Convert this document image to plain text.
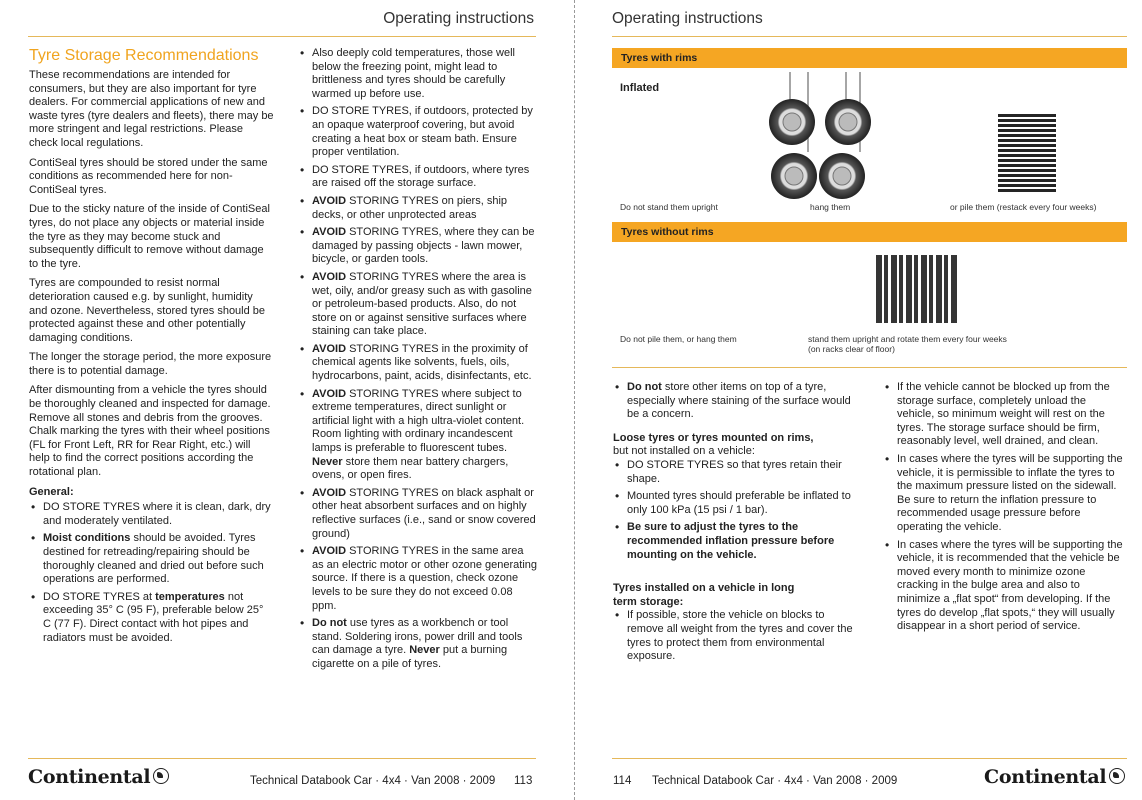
Operating instructions
Tyre Storage Recommendations

These recommendations are intended for consumers, but they are also important for tyre dealers. For commercial applications of new and waste tyres (tyre dealers and fleets), there may be more stringent and legal restrictions. Please check local regulations.

ContiSeal tyres should be stored under the same conditions as recommended here for non-ContiSeal tyres.

Due to the sticky nature of the inside of ContiSeal tyres, do not place any objects or material inside the tyre as they may become stuck and subsequently difficult to remove without damage to the tyre.

Tyres are compounded to resist normal deterioration caused e.g. by sunlight, humidity and ozone. Nevertheless, stored tyres should be protected against these and other potentially damaging conditions.

The longer the storage period, the more exposure there is to potential damage.

After dismounting from a vehicle the tyres should be thoroughly cleaned and inspected for damage. Remove all stones and debris from the grooves. Chalk marking the tyres with their wheel positions (FL for Front Left, RR for Rear Right, etc.) will help to find the correct positions according the rotational plan.

General:
• DO STORE TYRES where it is clean, dark, dry and moderately ventilated.
• Moist conditions should be avoided. Tyres destined for retreading/repairing should be thoroughly cleaned and dried out before such operations are performed.
• DO STORE TYRES at temperatures not exceeding 35° C (95 F), preferable below 25° C (77 F). Direct contact with hot pipes and radiators must be avoided.
• Also deeply cold temperatures, those well below the freezing point, might lead to brittleness and tyres should be carefully warmed up before use.
• DO STORE TYRES, if outdoors, protected by an opaque waterproof covering, but avoid creating a heat box or steam bath. Ensure proper ventilation.
• DO STORE TYRES, if outdoors, where tyres are raised off the storage surface.
• AVOID STORING TYRES on piers, ship decks, or other unprotected areas
• AVOID STORING TYRES, where they can be damaged by passing objects - lawn mower, bicycle, or garden tools.
• AVOID STORING TYRES where the area is wet, oily, and/or greasy such as with gasoline or petroleum-based products. Also, do not store on or against sensitive surfaces where staining can take place.
• AVOID STORING TYRES in the proximity of chemical agents like solvents, fuels, oils, hydrocarbons, paint, acids, disinfectants, etc.
• AVOID STORING TYRES where subject to extreme temperatures, direct sunlight or artificial light with a high ultra-violet content. Room lighting with ordinary incandescent lamps is preferable to fluorescent tubes.
Never store them near battery chargers, ovens, or open fires.
• AVOID STORING TYRES on black asphalt or other heat absorbent surfaces and on highly reflective surfaces (i.e., sand or snow covered ground)
• AVOID STORING TYRES in the same area as an electric motor or other ozone generating source. If there is a question, check ozone levels to be sure they do not exceed 0.08 ppm.
• Do not use tyres as a workbench or tool stand. Soldering irons, power drill and tools can damage a tyre. Never put a burning cigarette on a pile of tyres.
Continental	Technical Databook Car · 4x4 · Van 2008 · 2009 113
Operating instructions
Tyres with rims
Inflated
Do not stand them upright	hang them	or pile them (restack every four weeks)
Tyres without rims
Do not pile them, or hang them	stand them upright and rotate them every four weeks
(on racks clear of floor)
• Do not store other items on top of a tyre, especially where staining of the surface would be a concern.
Loose tyres or tyres mounted on rims,
but not installed on a vehicle:
• DO STORE TYRES so that tyres retain their shape.
• Mounted tyres should preferable be inflated to only 100 kPa (15 psi / 1 bar).
• Be sure to adjust the tyres to the recommended inflation pressure before mounting on the vehicle.
Tyres installed on a vehicle in long term storage:
• If possible, store the vehicle on blocks to remove all weight from the tyres and cover the tyres to protect them from environmental exposure.
• If the vehicle cannot be blocked up from the storage surface, completely unload the vehicle, so minimum weight will rest on the tyres. The storage surface should be firm, reasonably level, well drained, and clean.
• In cases where the tyres will be supporting the vehicle, it is permissible to inflate the tyres to the maximum pressure listed on the sidewall. Be sure to return the inflation pressure to recommended usage pressure before operating the vehicle.
• In cases where the tyres will be supporting the vehicle, it is recommended that the vehicle be moved every month to minimize ozone cracking in the bulge area and also to minimize a „flat spot“ from developing. If the tyres do develop „flat spots,“ they will usually disappear in a short period of service.
114 Technical Databook Car · 4x4 · Van 2008 · 2009	Continental
